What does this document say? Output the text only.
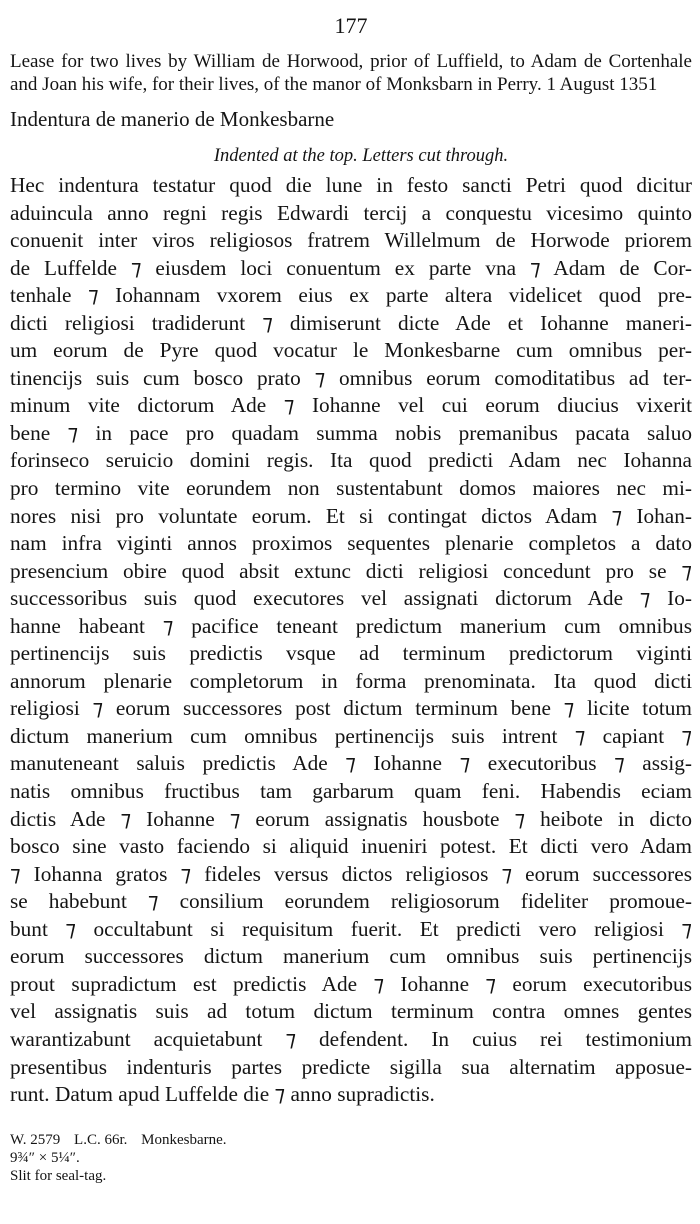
177

Lease for two lives by William de Horwood, prior of Luffield, to Adam de Cortenhale and Joan his wife, for their lives, of the manor of Monksbarn in Perry. 1 August 1351

Indentura de manerio de Monkesbarne

Indented at the top. Letters cut through.

Hec indentura testatur quod die lune in festo sancti Petri quod dicitur
aduincula anno regni regis Edwardi tercij a conquestu vicesimo quinto
conuenit inter viros religiosos fratrem Willelmum de Horwode priorem
de Luffelde ⁊ eiusdem loci conuentum ex parte vna ⁊ Adam de Cor-
tenhale ⁊ Iohannam vxorem eius ex parte altera videlicet quod pre-
dicti religiosi tradiderunt ⁊ dimiserunt dicte Ade et Iohanne maneri-
um eorum de Pyre quod vocatur le Monkesbarne cum omnibus per-
tinencijs suis cum bosco prato ⁊ omnibus eorum comoditatibus ad ter-
minum vite dictorum Ade ⁊ Iohanne vel cui eorum diucius vixerit
bene ⁊ in pace pro quadam summa nobis premanibus pacata saluo
forinseco seruicio domini regis. Ita quod predicti Adam nec Iohanna
pro termino vite eorundem non sustentabunt domos maiores nec mi-
nores nisi pro voluntate eorum. Et si contingat dictos Adam ⁊ Iohan-
nam infra viginti annos proximos sequentes plenarie completos a dato
presencium obire quod absit extunc dicti religiosi concedunt pro se ⁊
successoribus suis quod executores vel assignati dictorum Ade ⁊ Io-
hanne habeant ⁊ pacifice teneant predictum manerium cum omnibus
pertinencijs suis predictis vsque ad terminum predictorum viginti
annorum plenarie completorum in forma prenominata. Ita quod dicti
religiosi ⁊ eorum successores post dictum terminum bene ⁊ licite totum
dictum manerium cum omnibus pertinencijs suis intrent ⁊ capiant ⁊
manuteneant saluis predictis Ade ⁊ Iohanne ⁊ executoribus ⁊ assig-
natis omnibus fructibus tam garbarum quam feni. Habendis eciam
dictis Ade ⁊ Iohanne ⁊ eorum assignatis housbote ⁊ heibote in dicto
bosco sine vasto faciendo si aliquid inueniri potest. Et dicti vero Adam
⁊ Iohanna gratos ⁊ fideles versus dictos religiosos ⁊ eorum successores
se habebunt ⁊ consilium eorundem religiosorum fideliter promoue-
bunt ⁊ occultabunt si requisitum fuerit. Et predicti vero religiosi ⁊
eorum successores dictum manerium cum omnibus suis pertinencijs
prout supradictum est predictis Ade ⁊ Iohanne ⁊ eorum executoribus
vel assignatis suis ad totum dictum terminum contra omnes gentes
warantizabunt acquietabunt ⁊ defendent. In cuius rei testimonium
presentibus indenturis partes predicte sigilla sua alternatim apposue-
runt. Datum apud Luffelde die ⁊ anno supradictis.
W. 2579 L.C. 66r. Monkesbarne.
9¾″ × 5¼″.
Slit for seal-tag.
